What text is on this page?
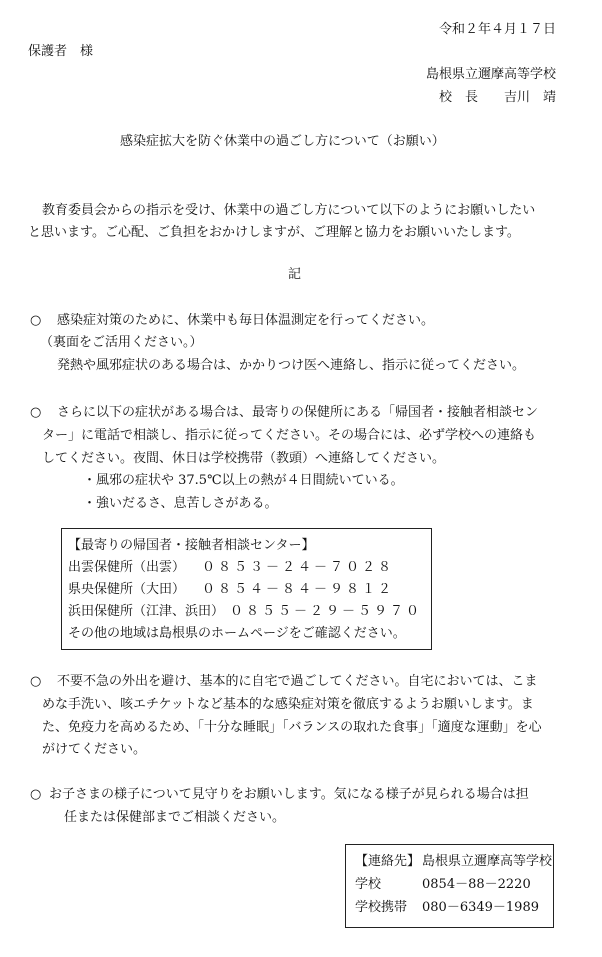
令和２年４月１７日
保護者　様
島根県立邇摩高等学校
校　長　　吉川　靖
感染症拡大を防ぐ休業中の過ごし方について（お願い）
教育委員会からの指示を受け、休業中の過ごし方について以下のようにお願いしたい
と思います。ご心配、ご負担をおかけしますが、ご理解と協力をお願いいたします。
記
○ 感染症対策のために、休業中も毎日体温測定を行ってください。
（裏面をご活用ください。）
発熱や風邪症状のある場合は、かかりつけ医へ連絡し、指示に従ってください。
○ さらに以下の症状がある場合は、最寄りの保健所にある「帰国者・接触者相談セン
ター」に電話で相談し、指示に従ってください。その場合には、必ず学校への連絡も
してください。夜間、休日は学校携帯（教頭）へ連絡してください。
・風邪の症状や 37.5℃以上の熱が４日間続いている。
・強いだるさ、息苦しさがある。
【最寄りの帰国者・接触者相談センター】
出雲保健所（出雲） ０８５３－２４－７０２８
県央保健所（大田） ０８５４－８４－９８１２
浜田保健所（江津、浜田） ０８５５－２９－５９７０
その他の地域は島根県のホームページをご確認ください。
○ 不要不急の外出を避け、基本的に自宅で過ごしてください。自宅においては、こま
めな手洗い、咳エチケットなど基本的な感染症対策を徹底するようお願いします。ま
た、免疫力を高めるため、「十分な睡眠」「バランスの取れた食事」「適度な運動」を心
がけてください。
○ お子さまの様子について見守りをお願いします。気になる様子が見られる場合は担
任または保健部までご相談ください。
【連絡先】 島根県立邇摩高等学校
学校	0854－88－2220
学校携帯 080－6349－1989
